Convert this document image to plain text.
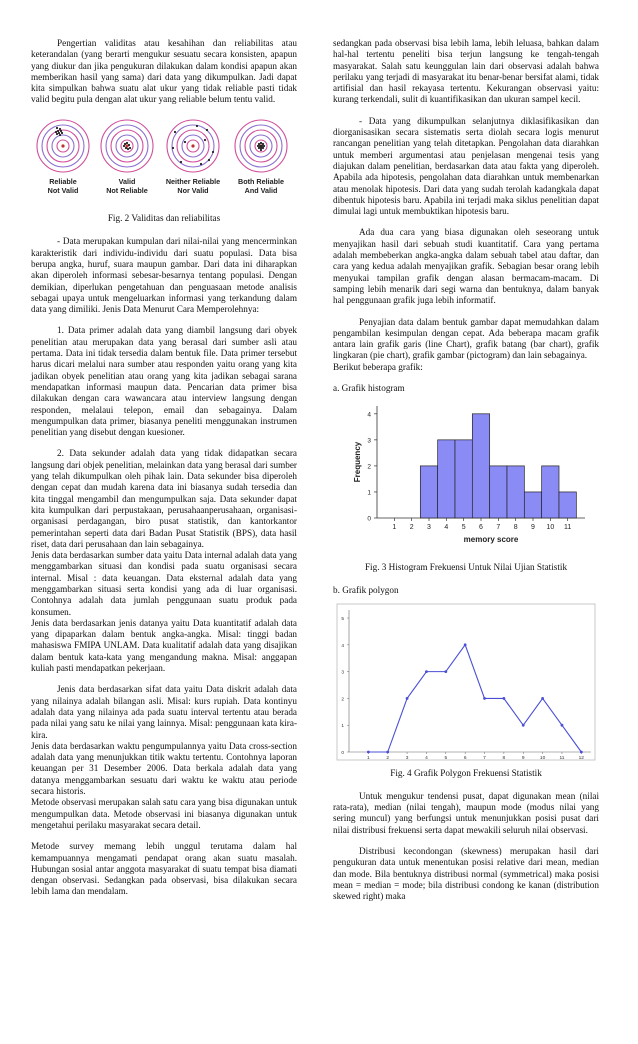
Pengertian validitas atau kesahihan dan reliabilitas atau keterandalan (yang berarti mengukur sesuatu secara konsisten, apapun yang diukur dan jika pengukuran dilakukan dalam kondisi apapun akan memberikan hasil yang sama) dari data yang dikumpulkan. Jadi dapat kita simpulkan bahwa suatu alat ukur yang tidak reliable pasti tidak valid begitu pula dengan alat ukur yang reliable belum tentu valid.

Reliable
Not Valid
Valid
Not Reliable
Neither Reliable
Nor Valid
Both Reliable
And Valid
Fig. 2 Validitas dan reliabilitas

- Data merupakan kumpulan dari nilai-nilai yang mencerminkan karakteristik dari individu-individu dari suatu populasi. Data bisa berupa angka, huruf, suara maupun gambar. Dari data ini diharapkan akan diperoleh informasi sebesar-besarnya tentang populasi. Dengan demikian, diperlukan pengetahuan dan penguasaan metode analisis sebagai upaya untuk mengeluarkan informasi yang terkandung dalam data yang dimiliki. Jenis Data Menurut Cara Memperolehnya:

1. Data primer adalah data yang diambil langsung dari obyek penelitian atau merupakan data yang berasal dari sumber asli atau pertama. Data ini tidak tersedia dalam bentuk file. Data primer tersebut harus dicari melalui nara sumber atau responden yaitu orang yang kita jadikan obyek penelitian atau orang yang kita jadikan sebagai sarana mendapatkan informasi maupun data. Pencarian data primer bisa dilakukan dengan cara wawancara atau interview langsung dengan responden, melalaui telepon, email dan sebagainya. Dalam mengumpulkan data primer, biasanya peneliti menggunakan instrumen penelitian yang disebut dengan kuesioner.

2. Data sekunder adalah data yang tidak didapatkan secara langsung dari objek penelitian, melainkan data yang berasal dari sumber yang telah dikumpulkan oleh pihak lain. Data sekunder bisa diperoleh dengan cepat dan mudah karena data ini biasanya sudah tersedia dan kita tinggal mengambil dan mengumpulkan saja. Data sekunder dapat kita kumpulkan dari perpustakaan, perusahaanperusahaan, organisasi-organisasi perdagangan, biro pusat statistik, dan kantorkantor pemerintahan seperti data dari Badan Pusat Statistik (BPS), data hasil riset, data dari perusahaan dan lain sebagainya.

Jenis data berdasarkan sumber data yaitu Data internal adalah data yang menggambarkan situasi dan kondisi pada suatu organisasi secara internal. Misal : data keuangan. Data eksternal adalah data yang menggambarkan situasi serta kondisi yang ada di luar organisasi. Contohnya adalah data jumlah penggunaan suatu produk pada konsumen.

Jenis data berdasarkan jenis datanya yaitu Data kuantitatif adalah data yang dipaparkan dalam bentuk angka-angka. Misal: tinggi badan mahasiswa FMIPA UNLAM. Data kualitatif adalah data yang disajikan dalam bentuk kata-kata yang mengandung makna. Misal: anggapan kuliah pasti mendapatkan pekerjaan.

Jenis data berdasarkan sifat data yaitu Data diskrit adalah data yang nilainya adalah bilangan asli. Misal: kurs rupiah. Data kontinyu adalah data yang nilainya ada pada suatu interval tertentu atau berada pada nilai yang satu ke nilai yang lainnya. Misal: penggunaan kata kira-kira.

Jenis data berdasarkan waktu pengumpulannya yaitu Data cross-section adalah data yang menunjukkan titik waktu tertentu. Contohnya laporan keuangan per 31 Desember 2006. Data berkala adalah data yang datanya menggambarkan sesuatu dari waktu ke waktu atau periode secara historis.

Metode observasi merupakan salah satu cara yang bisa digunakan untuk mengumpulkan data. Metode observasi ini biasanya digunakan untuk mengetahui perilaku masyarakat secara detail.

Metode survey memang lebih unggul terutama dalam hal kemampuannya mengamati pendapat orang akan suatu masalah. Hubungan sosial antar anggota masyarakat di suatu tempat bisa diamati dengan observasi. Sedangkan pada observasi, bisa dilakukan secara lebih lama dan mendalam.

sedangkan pada observasi bisa lebih lama, lebih leluasa, bahkan dalam hal-hal tertentu peneliti bisa terjun langsung ke tengah-tengah masyarakat. Salah satu keunggulan lain dari observasi adalah bahwa perilaku yang terjadi di masyarakat itu benar-benar bersifat alami, tidak artifisial dan hasil rekayasa tertentu. Kekurangan observasi yaitu: kurang terkendali, sulit di kuantifikasikan dan ukuran sampel kecil.

- Data yang dikumpulkan selanjutnya diklasifikasikan dan diorganisasikan secara sistematis serta diolah secara logis menurut rancangan penelitian yang telah ditetapkan. Pengolahan data diarahkan untuk memberi argumentasi atau penjelasan mengenai tesis yang diajukan dalam penelitian, berdasarkan data atau fakta yang diperoleh. Apabila ada hipotesis, pengolahan data diarahkan untuk membenarkan atau menolak hipotesis. Dari data yang sudah terolah kadangkala dapat dibentuk hipotesis baru. Apabila ini terjadi maka siklus penelitian dapat dimulai lagi untuk membuktikan hipotesis baru.

Ada dua cara yang biasa digunakan oleh seseorang untuk menyajikan hasil dari sebuah studi kuantitatif. Cara yang pertama adalah membeberkan angka-angka dalam sebuah tabel atau daftar, dan cara yang kedua adalah menyajikan grafik. Sebagian besar orang lebih menyukai tampilan grafik dengan alasan bermacam-macam. Di samping lebih menarik dari segi warna dan bentuknya, dalam banyak hal penggunaan grafik juga lebih informatif.

Penyajian data dalam bentuk gambar dapat memudahkan dalam pengambilan kesimpulan dengan cepat. Ada beberapa macam grafik antara lain grafik garis (line Chart), grafik batang (bar chart), grafik lingkaran (pie chart), grafik gambar (pictogram) dan lain sebagainya.

Berikut beberapa grafik:

a. Grafik histogram
0
1
2
3
4
1 2 3 4 5 6 7 8 9 10 11
memory score
Frequency
Fig. 3 Histogram Frekuensi Untuk Nilai Ujian Statistik
b. Grafik polygon
0
1
2
3
4
5
1	2	3	4	5	6	7	8	9	10	11	12
Fig. 4 Grafik Polygon Frekuensi Statistik

Untuk mengukur tendensi pusat, dapat digunakan mean (nilai rata-rata), median (nilai tengah), maupun mode (modus nilai yang sering muncul) yang berfungsi untuk menunjukkan posisi pusat dari nilai distribusi frekuensi serta dapat mewakili seluruh nilai observasi.

Distribusi kecondongan (skewness) merupakan hasil dari pengukuran data untuk menentukan posisi relative dari mean, median dan mode. Bila bentuknya distribusi normal (symmetrical) maka posisi mean = median = mode; bila distribusi condong ke kanan (distribution skewed right) maka
